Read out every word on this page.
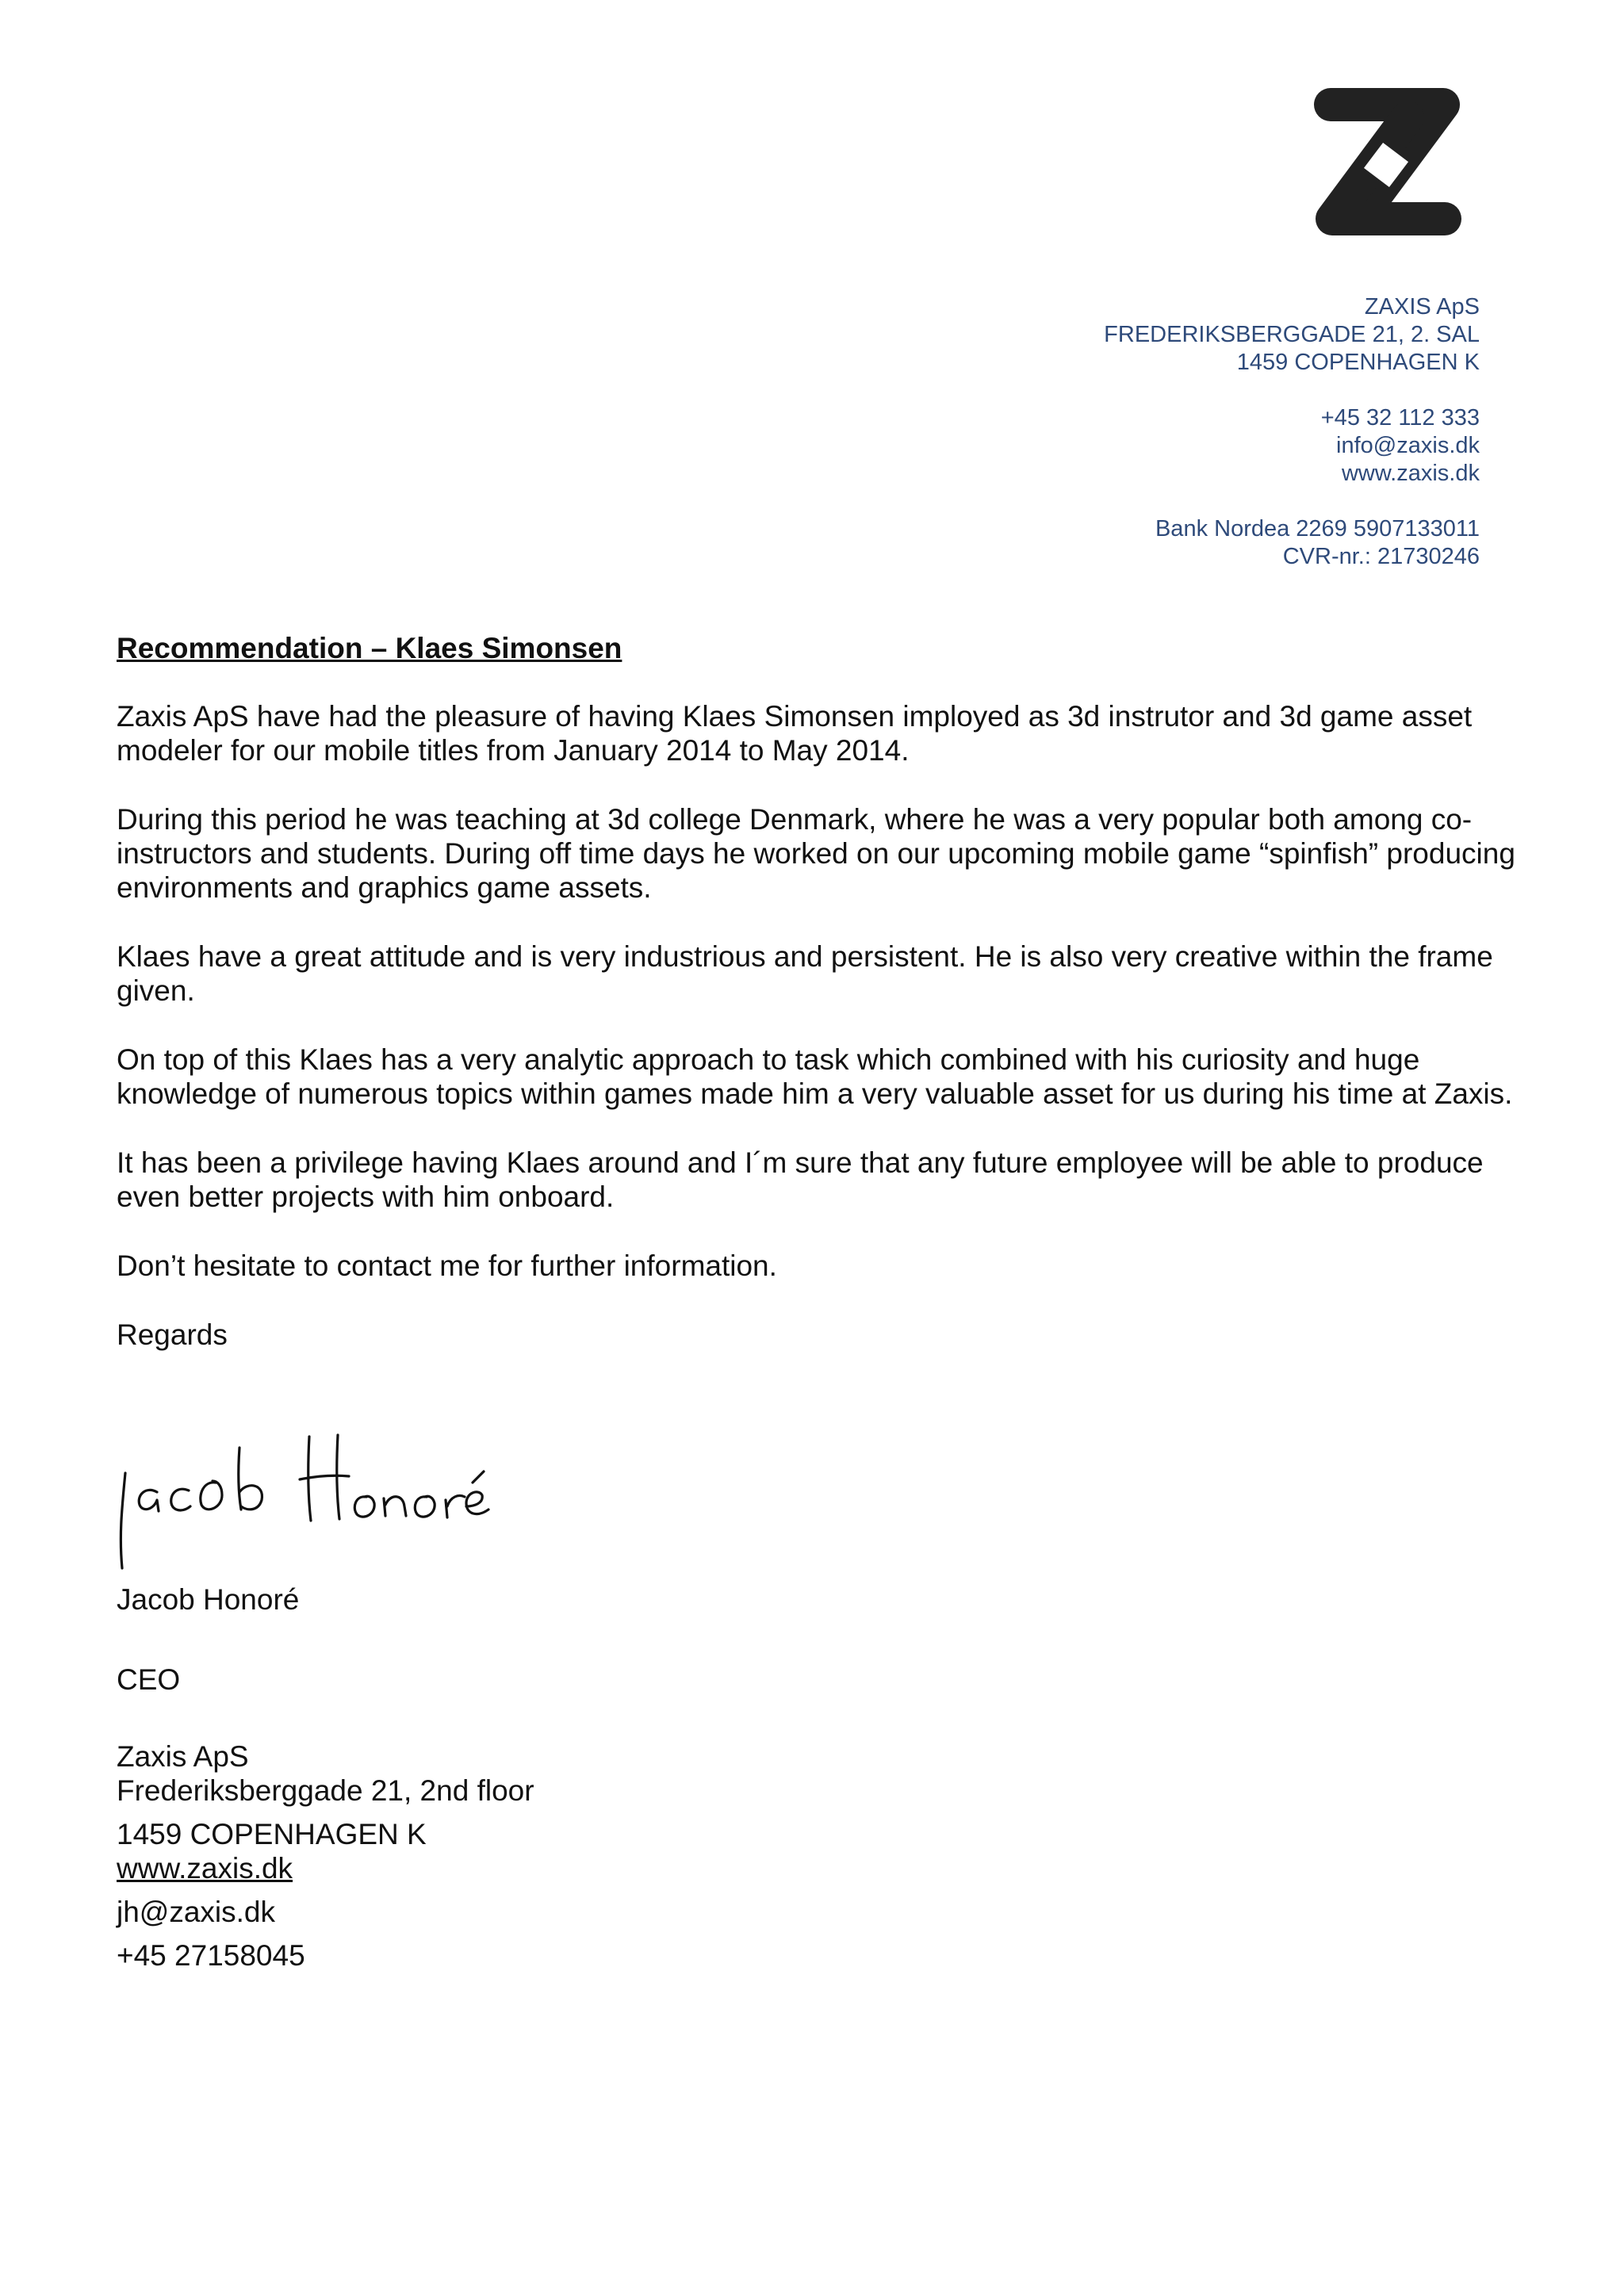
ZAXIS ApS
FREDERIKSBERGGADE 21, 2. SAL
1459 COPENHAGEN K
+45 32 112 333
info@zaxis.dk
www.zaxis.dk
Bank Nordea 2269 5907133011
CVR-nr.: 21730246

Recommendation – Klaes Simonsen

Zaxis ApS have had the pleasure of having Klaes Simonsen imployed as 3d instrutor and 3d game asset modeler for our mobile titles from January 2014 to May 2014.

During this period he was teaching at 3d college Denmark, where he was a very popular both among co-instructors and students. During off time days he worked on our upcoming mobile game “spinfish” producing environments and graphics game assets.

Klaes have a great attitude and is very industrious and persistent. He is also very creative within the frame given.

On top of this Klaes has a very analytic approach to task which combined with his curiosity and huge knowledge of numerous topics within games made him a very valuable asset for us during his time at Zaxis.

It has been a privilege having Klaes around and I´m sure that any future employee will be able to produce even better projects with him onboard.

Don’t hesitate to contact me for further information.

Regards

Jacob Honoré
CEO
Zaxis ApS
Frederiksberggade 21, 2nd floor
1459 COPENHAGEN K
www.zaxis.dk
jh@zaxis.dk
+45 27158045
